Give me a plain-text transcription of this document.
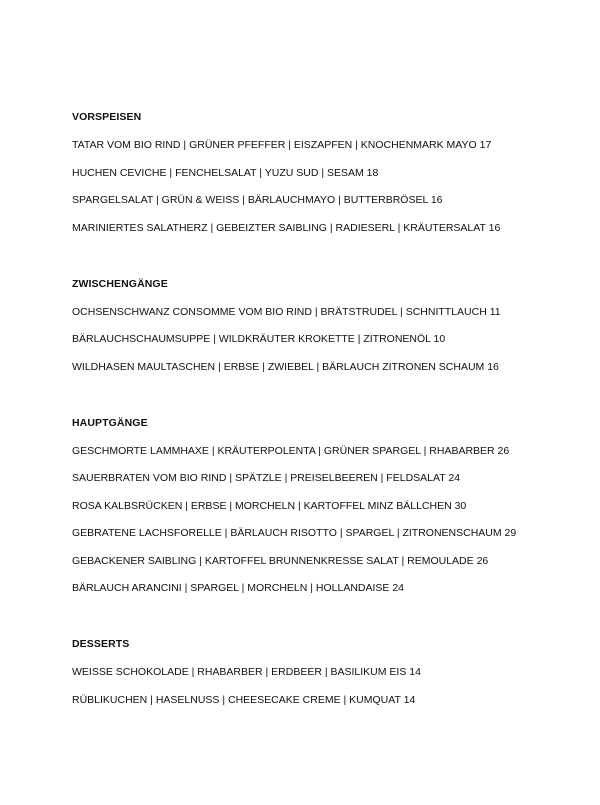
VORSPEISEN
TATAR VOM BIO RIND | GRÜNER PFEFFER | EISZAPFEN | KNOCHENMARK MAYO 17
HUCHEN CEVICHE | FENCHELSALAT | YUZU SUD | SESAM 18
SPARGELSALAT | GRÜN & WEISS | BÄRLAUCHMAYO | BUTTERBRÖSEL 16
MARINIERTES SALATHERZ | GEBEIZTER SAIBLING | RADIESERL | KRÄUTERSALAT 16
ZWISCHENGÄNGE
OCHSENSCHWANZ CONSOMME VOM BIO RIND | BRÄTSTRUDEL | SCHNITTLAUCH 11
BÄRLAUCHSCHAUMSUPPE | WILDKRÄUTER KROKETTE | ZITRONENÖL 10
WILDHASEN MAULTASCHEN | ERBSE | ZWIEBEL | BÄRLAUCH ZITRONEN SCHAUM 16
HAUPTGÄNGE
GESCHMORTE LAMMHAXE | KRÄUTERPOLENTA | GRÜNER SPARGEL | RHABARBER 26
SAUERBRATEN VOM BIO RIND | SPÄTZLE | PREISELBEEREN | FELDSALAT 24
ROSA KALBSRÜCKEN | ERBSE | MORCHELN | KARTOFFEL MINZ BÄLLCHEN 30
GEBRATENE LACHSFORELLE | BÄRLAUCH RISOTTO | SPARGEL | ZITRONENSCHAUM 29
GEBACKENER SAIBLING | KARTOFFEL BRUNNENKRESSE SALAT | REMOULADE 26
BÄRLAUCH ARANCINI | SPARGEL | MORCHELN | HOLLANDAISE 24
DESSERTS
WEISSE SCHOKOLADE | RHABARBER | ERDBEER | BASILIKUM EIS 14
RÜBLIKUCHEN | HASELNUSS | CHEESECAKE CREME | KUMQUAT 14
